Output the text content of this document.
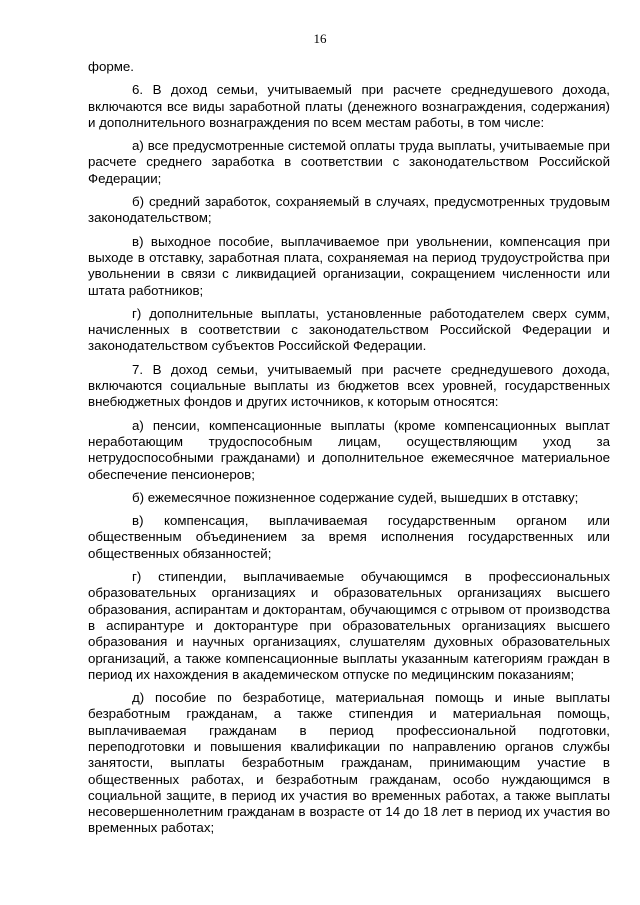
16

форме.

6. В доход семьи, учитываемый при расчете среднедушевого дохода, включаются все виды заработной платы (денежного вознаграждения, содержания) и дополнительного вознаграждения по всем местам работы, в том числе:

а) все предусмотренные системой оплаты труда выплаты, учитываемые при расчете среднего заработка в соответствии с законодательством Российской Федерации;

б) средний заработок, сохраняемый в случаях, предусмотренных трудовым законодательством;

в) выходное пособие, выплачиваемое при увольнении, компенсация при выходе в отставку, заработная плата, сохраняемая на период трудоустройства при увольнении в связи с ликвидацией организации, сокращением численности или штата работников;

г) дополнительные выплаты, установленные работодателем сверх сумм, начисленных в соответствии с законодательством Российской Федерации и законодательством субъектов Российской Федерации.

7. В доход семьи, учитываемый при расчете среднедушевого дохода, включаются социальные выплаты из бюджетов всех уровней, государственных внебюджетных фондов и других источников, к которым относятся:

а) пенсии, компенсационные выплаты (кроме компенсационных выплат неработающим трудоспособным лицам, осуществляющим уход за нетрудоспособными гражданами) и дополнительное ежемесячное материальное обеспечение пенсионеров;

б) ежемесячное пожизненное содержание судей, вышедших в отставку;

в) компенсация, выплачиваемая государственным органом или общественным объединением за время исполнения государственных или общественных обязанностей;

г) стипендии, выплачиваемые обучающимся в профессиональных образовательных организациях и образовательных организациях высшего образования, аспирантам и докторантам, обучающимся с отрывом от производства в аспирантуре и докторантуре при образовательных организациях высшего образования и научных организациях, слушателям духовных образовательных организаций, а также компенсационные выплаты указанным категориям граждан в период их нахождения в академическом отпуске по медицинским показаниям;

д) пособие по безработице, материальная помощь и иные выплаты безработным гражданам, а также стипендия и материальная помощь, выплачиваемая гражданам в период профессиональной подготовки, переподготовки и повышения квалификации по направлению органов службы занятости, выплаты безработным гражданам, принимающим участие в общественных работах, и безработным гражданам, особо нуждающимся в социальной защите, в период их участия во временных работах, а также выплаты несовершеннолетним гражданам в возрасте от 14 до 18 лет в период их участия во временных работах;
